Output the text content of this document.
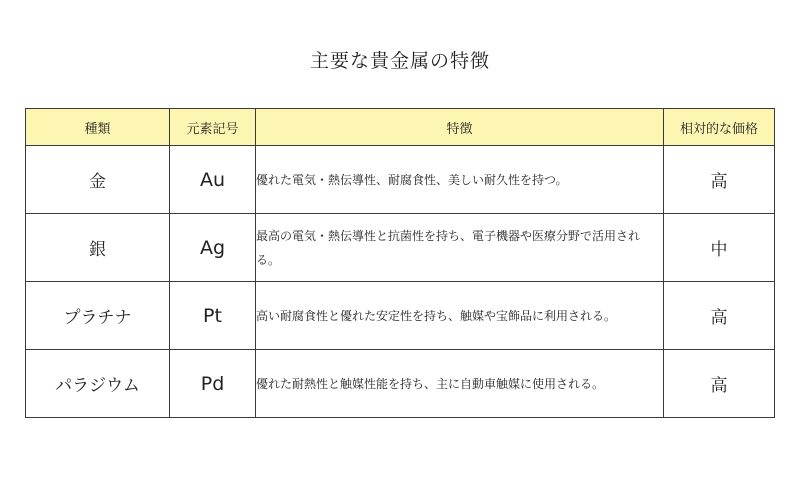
主要な貴金属の特徴
種類	元素記号	特徴	相対的な価格
金	Au	優れた電気・熱伝導性、耐腐食性、美しい耐久性を持つ。	高
銀	Ag	最高の電気・熱伝導性と抗菌性を持ち、電子機器や医療分野で活用される。	中
プラチナ	Pt	高い耐腐食性と優れた安定性を持ち、触媒や宝飾品に利用される。	高
パラジウム	Pd	優れた耐熱性と触媒性能を持ち、主に自動車触媒に使用される。	高
